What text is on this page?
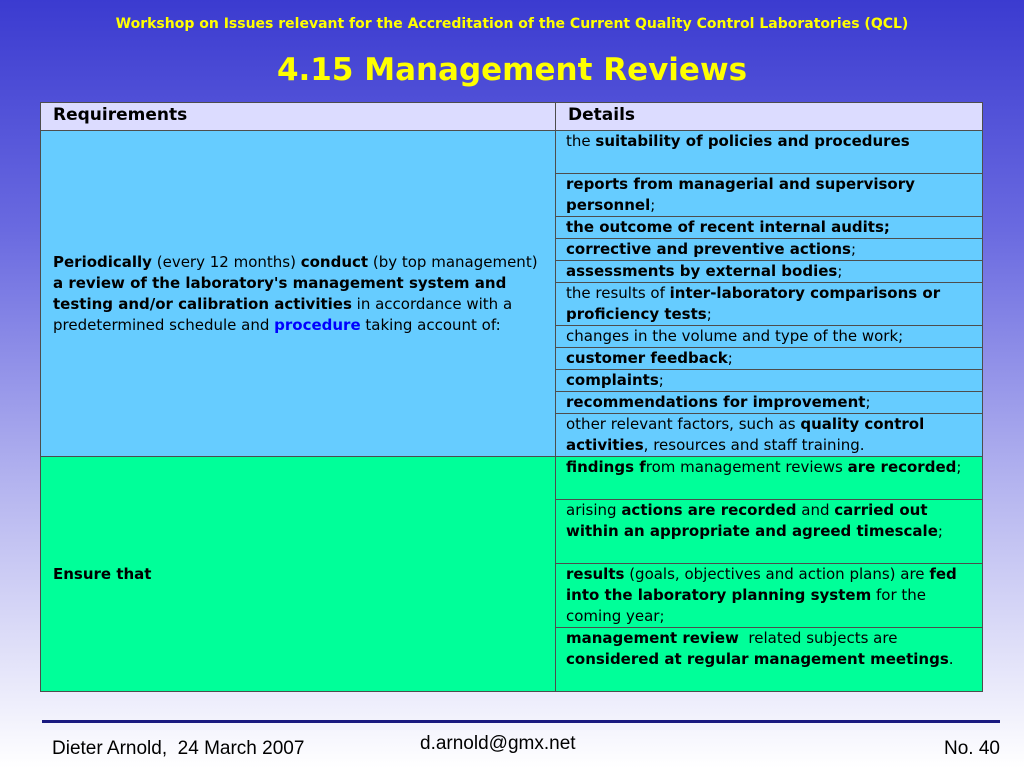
Workshop on Issues relevant for the Accreditation of the Current Quality Control Laboratories (QCL)
4.15 Management Reviews
Requirements	Details
Periodically (every 12 months) conduct (by top management) a review of the laboratory's management system and testing and/or calibration activities in accordance with a predetermined schedule and procedure taking account of:	the suitability of policies and procedures
	reports from managerial and supervisory personnel;
	the outcome of recent internal audits;
	corrective and preventive actions;
	assessments by external bodies;
	the results of inter-laboratory comparisons or proficiency tests;
	changes in the volume and type of the work;
	customer feedback;
	complaints;
	recommendations for improvement;
	other relevant factors, such as quality control activities, resources and staff training.
Ensure that	findings from management reviews are recorded;
	arising actions are recorded and carried out within an appropriate and agreed timescale;
	results (goals, objectives and action plans) are fed into the laboratory planning system for the coming year;
	management review  related subjects are considered at regular management meetings.
Dieter Arnold,  24 March 2007	d.arnold@gmx.net	No. 40
